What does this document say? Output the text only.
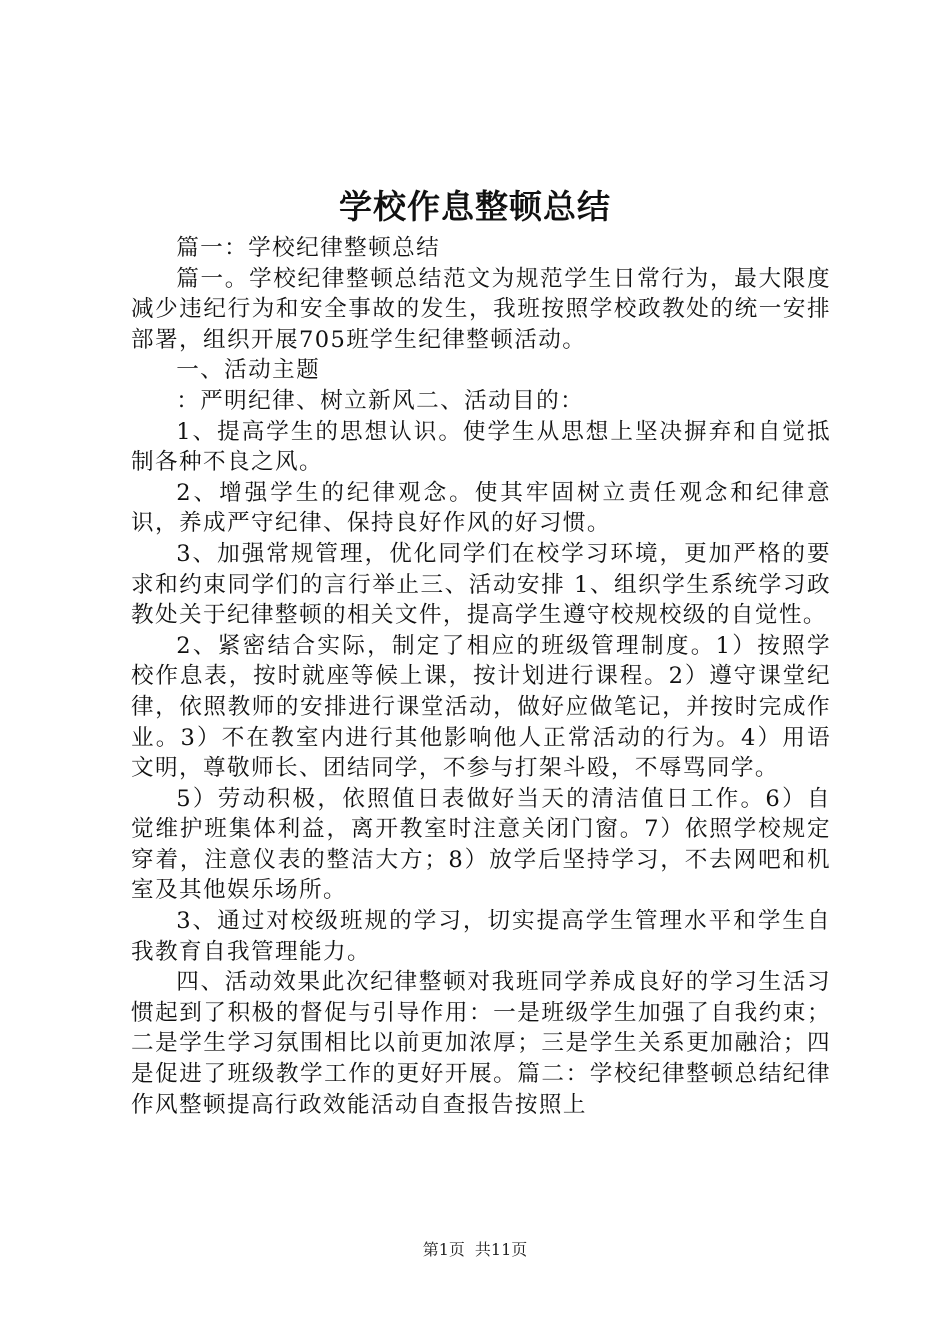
学校作息整顿总结

篇一：学校纪律整顿总结

篇一。学校纪律整顿总结范文为规范学生日常行为，最大限度减少违纪行为和安全事故的发生，我班按照学校政教处的统一安排部署，组织开展705班学生纪律整顿活动。

一、活动主题

：严明纪律、树立新风二、活动目的：

1、提高学生的思想认识。使学生从思想上坚决摒弃和自觉抵制各种不良之风。

2、增强学生的纪律观念。使其牢固树立责任观念和纪律意识，养成严守纪律、保持良好作风的好习惯。

3、加强常规管理，优化同学们在校学习环境，更加严格的要求和约束同学们的言行举止三、活动安排 1、组织学生系统学习政教处关于纪律整顿的相关文件，提高学生遵守校规校级的自觉性。

2、紧密结合实际，制定了相应的班级管理制度。1）按照学校作息表，按时就座等候上课，按计划进行课程。2）遵守课堂纪律，依照教师的安排进行课堂活动，做好应做笔记，并按时完成作业。3）不在教室内进行其他影响他人正常活动的行为。4）用语文明，尊敬师长、团结同学，不参与打架斗殴，不辱骂同学。

5）劳动积极，依照值日表做好当天的清洁值日工作。6）自觉维护班集体利益，离开教室时注意关闭门窗。7）依照学校规定穿着，注意仪表的整洁大方；8）放学后坚持学习，不去网吧和机室及其他娱乐场所。

3、通过对校级班规的学习，切实提高学生管理水平和学生自我教育自我管理能力。

四、活动效果此次纪律整顿对我班同学养成良好的学习生活习惯起到了积极的督促与引导作用：一是班级学生加强了自我约束；二是学生学习氛围相比以前更加浓厚；三是学生关系更加融洽；四是促进了班级教学工作的更好开展。篇二：学校纪律整顿总结纪律作风整顿提高行政效能活动自查报告按照上

第1页 共11页
